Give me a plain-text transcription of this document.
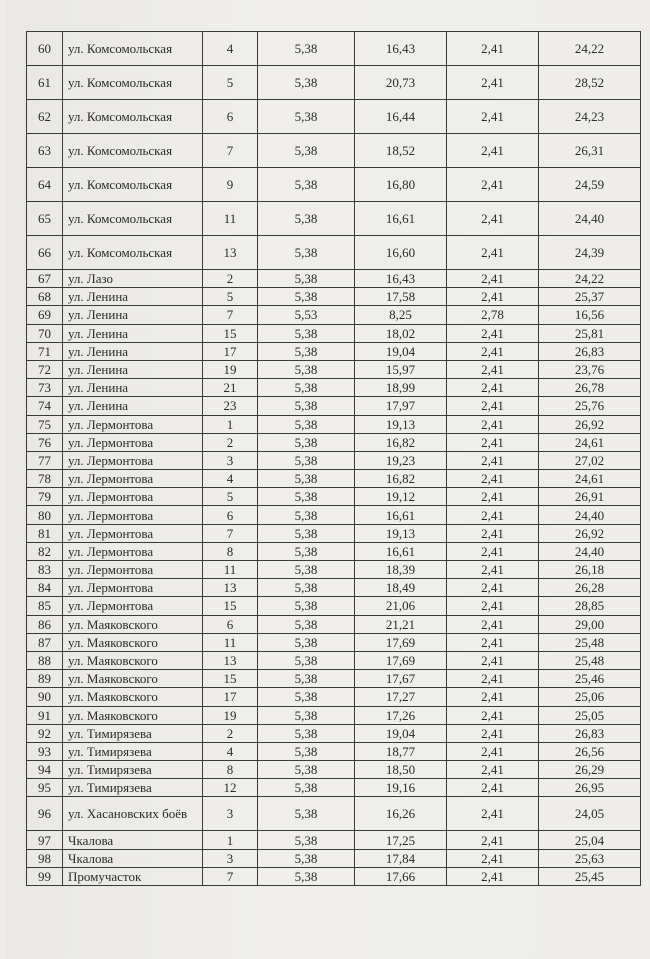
60	ул. Комсомольская	4	5,38	16,43	2,41	24,22
61	ул. Комсомольская	5	5,38	20,73	2,41	28,52
62	ул. Комсомольская	6	5,38	16,44	2,41	24,23
63	ул. Комсомольская	7	5,38	18,52	2,41	26,31
64	ул. Комсомольская	9	5,38	16,80	2,41	24,59
65	ул. Комсомольская	11	5,38	16,61	2,41	24,40
66	ул. Комсомольская	13	5,38	16,60	2,41	24,39
67	ул. Лазо	2	5,38	16,43	2,41	24,22
68	ул. Ленина	5	5,38	17,58	2,41	25,37
69	ул. Ленина	7	5,53	8,25	2,78	16,56
70	ул. Ленина	15	5,38	18,02	2,41	25,81
71	ул. Ленина	17	5,38	19,04	2,41	26,83
72	ул. Ленина	19	5,38	15,97	2,41	23,76
73	ул. Ленина	21	5,38	18,99	2,41	26,78
74	ул. Ленина	23	5,38	17,97	2,41	25,76
75	ул. Лермонтова	1	5,38	19,13	2,41	26,92
76	ул. Лермонтова	2	5,38	16,82	2,41	24,61
77	ул. Лермонтова	3	5,38	19,23	2,41	27,02
78	ул. Лермонтова	4	5,38	16,82	2,41	24,61
79	ул. Лермонтова	5	5,38	19,12	2,41	26,91
80	ул. Лермонтова	6	5,38	16,61	2,41	24,40
81	ул. Лермонтова	7	5,38	19,13	2,41	26,92
82	ул. Лермонтова	8	5,38	16,61	2,41	24,40
83	ул. Лермонтова	11	5,38	18,39	2,41	26,18
84	ул. Лермонтова	13	5,38	18,49	2,41	26,28
85	ул. Лермонтова	15	5,38	21,06	2,41	28,85
86	ул. Маяковского	6	5,38	21,21	2,41	29,00
87	ул. Маяковского	11	5,38	17,69	2,41	25,48
88	ул. Маяковского	13	5,38	17,69	2,41	25,48
89	ул. Маяковского	15	5,38	17,67	2,41	25,46
90	ул. Маяковского	17	5,38	17,27	2,41	25,06
91	ул. Маяковского	19	5,38	17,26	2,41	25,05
92	ул. Тимирязева	2	5,38	19,04	2,41	26,83
93	ул. Тимирязева	4	5,38	18,77	2,41	26,56
94	ул. Тимирязева	8	5,38	18,50	2,41	26,29
95	ул. Тимирязева	12	5,38	19,16	2,41	26,95
96	ул. Хасановских боёв	3	5,38	16,26	2,41	24,05
97	Чкалова	1	5,38	17,25	2,41	25,04
98	Чкалова	3	5,38	17,84	2,41	25,63
99	Промучасток	7	5,38	17,66	2,41	25,45
